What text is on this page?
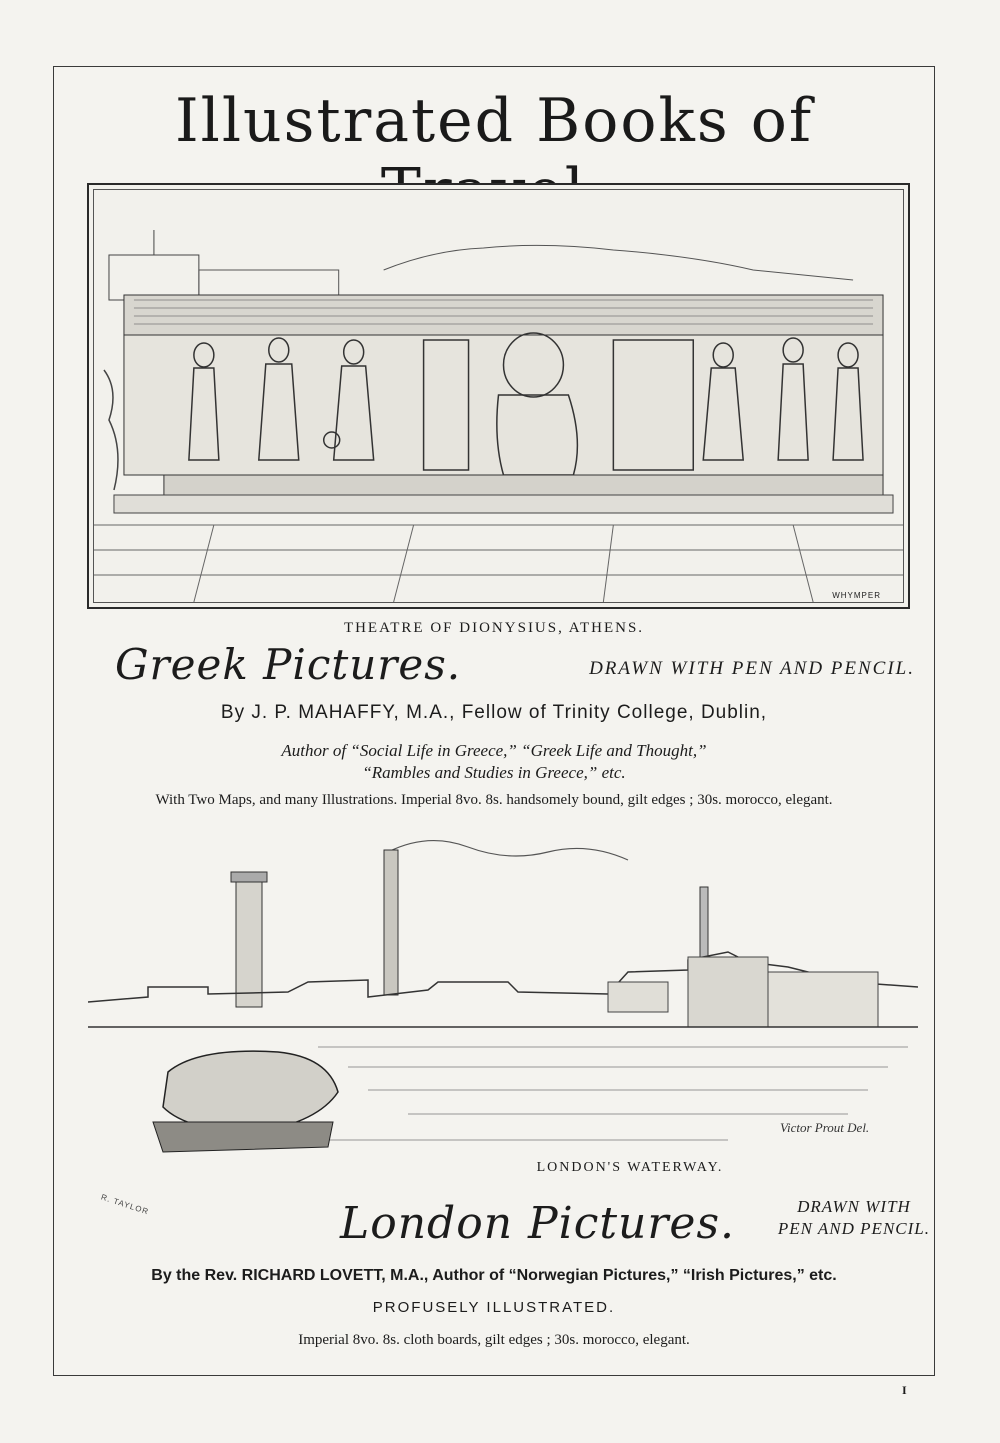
Illustrated Books of
WHYMPER
THEATRE OF DIONYSIUS, ATHENS.
Greek Pictures.	DRAWN WITH PEN AND PENCIL.
By J. P. MAHAFFY, M.A., Fellow of Trinity College, Dublin,
Author of “Social Life in Greece,” “Greek Life and Thought,”
“Rambles and Studies in Greece,” etc.
With Two Maps, and many Illustrations. Imperial 8vo. 8s. handsomely bound, gilt edges ; 30s. morocco, elegant.
Victor Prout Del.
R. TAYLOR
LONDON'S WATERWAY.
London Pictures.	DRAWN WITH
PEN AND PENCIL.
By the Rev. RICHARD LOVETT, M.A., Author of “Norwegian Pictures,” “Irish Pictures,” etc.
PROFUSELY ILLUSTRATED.
Imperial 8vo. 8s. cloth boards, gilt edges ; 30s. morocco, elegant.
I
